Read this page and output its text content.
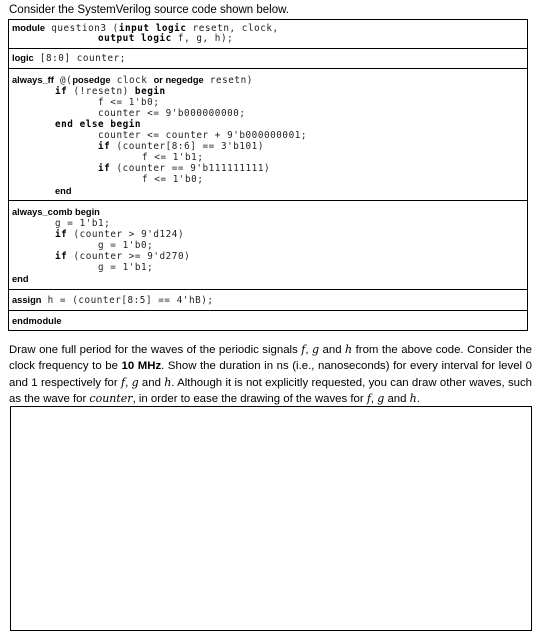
Consider the SystemVerilog source code shown below.
module question3 (input logic resetn, clock,
output logic f, g, h);
logic [8:0] counter;
always_ff @(posedge clock or negedge resetn)
if (!resetn) begin
f <= 1'b0;
counter <= 9'b000000000;
end else begin
counter <= counter + 9'b000000001;
if (counter[8:6] == 3'b101)
f <= 1'b1;
if (counter == 9'b111111111)
f <= 1'b0;
end
always_comb begin
g = 1'b1;
if (counter > 9'd124)
g = 1'b0;
if (counter >= 9'd270)
g = 1'b1;
end
assign h = (counter[8:5] == 4'hB);
endmodule
Draw one full period for the waves of the periodic signals f, g and h from the above code. Consider the clock frequency to be 10 MHz. Show the duration in ns (i.e., nanoseconds) for every interval for level 0 and 1 respectively for f, g and h. Although it is not explicitly requested, you can draw other waves, such as the wave for counter, in order to ease the drawing of the waves for f, g and h.
